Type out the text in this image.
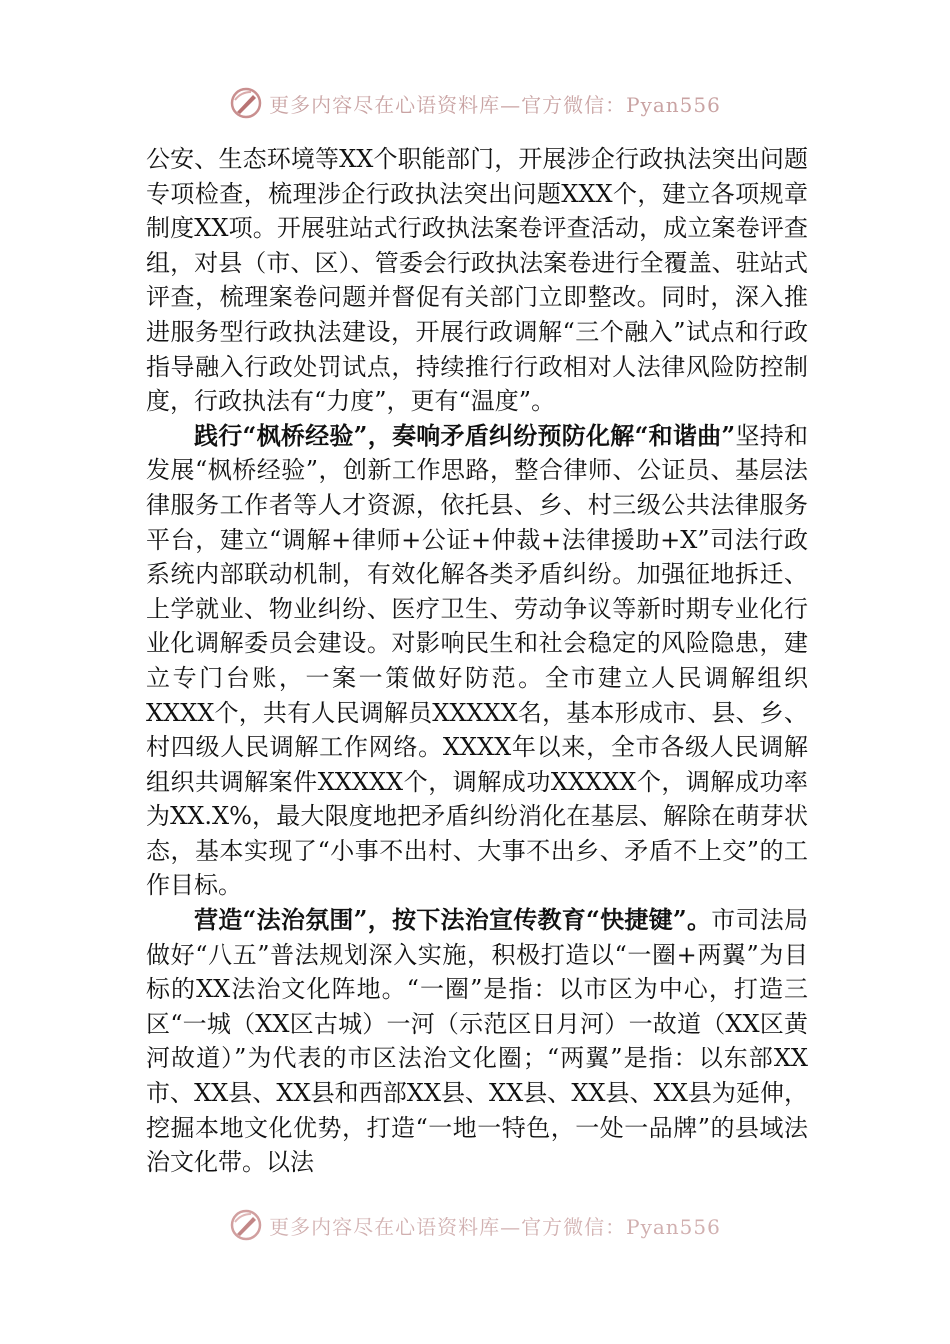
更多内容尽在心语资料库—官方微信：Pyan556

公安、生态环境等XX个职能部门，开展涉企行政执法突出问题专项检查，梳理涉企行政执法突出问题XXX个，建立各项规章制度XX项。开展驻站式行政执法案卷评查活动，成立案卷评查组，对县（市、区）、管委会行政执法案卷进行全覆盖、驻站式评查，梳理案卷问题并督促有关部门立即整改。同时，深入推进服务型行政执法建设，开展行政调解“三个融入”试点和行政指导融入行政处罚试点，持续推行行政相对人法律风险防控制度，行政执法有“力度”，更有“温度”。

践行“枫桥经验”，奏响矛盾纠纷预防化解“和谐曲”坚持和发展“枫桥经验”，创新工作思路，整合律师、公证员、基层法律服务工作者等人才资源，依托县、乡、村三级公共法律服务平台，建立“调解+律师+公证+仲裁+法律援助+X”司法行政系统内部联动机制，有效化解各类矛盾纠纷。加强征地拆迁、上学就业、物业纠纷、医疗卫生、劳动争议等新时期专业化行业化调解委员会建设。对影响民生和社会稳定的风险隐患，建立专门台账，一案一策做好防范。全市建立人民调解组织XXXX个，共有人民调解员XXXXX名，基本形成市、县、乡、村四级人民调解工作网络。XXXX年以来，全市各级人民调解组织共调解案件XXXXX个，调解成功XXXXX个，调解成功率为XX.X%，最大限度地把矛盾纠纷消化在基层、解除在萌芽状态，基本实现了“小事不出村、大事不出乡、矛盾不上交”的工作目标。

营造“法治氛围”，按下法治宣传教育“快捷键”。市司法局做好“八五”普法规划深入实施，积极打造以“一圈+两翼”为目标的XX法治文化阵地。“一圈”是指：以市区为中心，打造三区“一城（XX区古城）一河（示范区日月河）一故道（XX区黄河故道）”为代表的市区法治文化圈；“两翼”是指：以东部XX市、XX县、XX县和西部XX县、XX县、XX县、XX县为延伸，挖掘本地文化优势，打造“一地一特色，一处一品牌”的县域法治文化带。以法

更多内容尽在心语资料库—官方微信：Pyan556
